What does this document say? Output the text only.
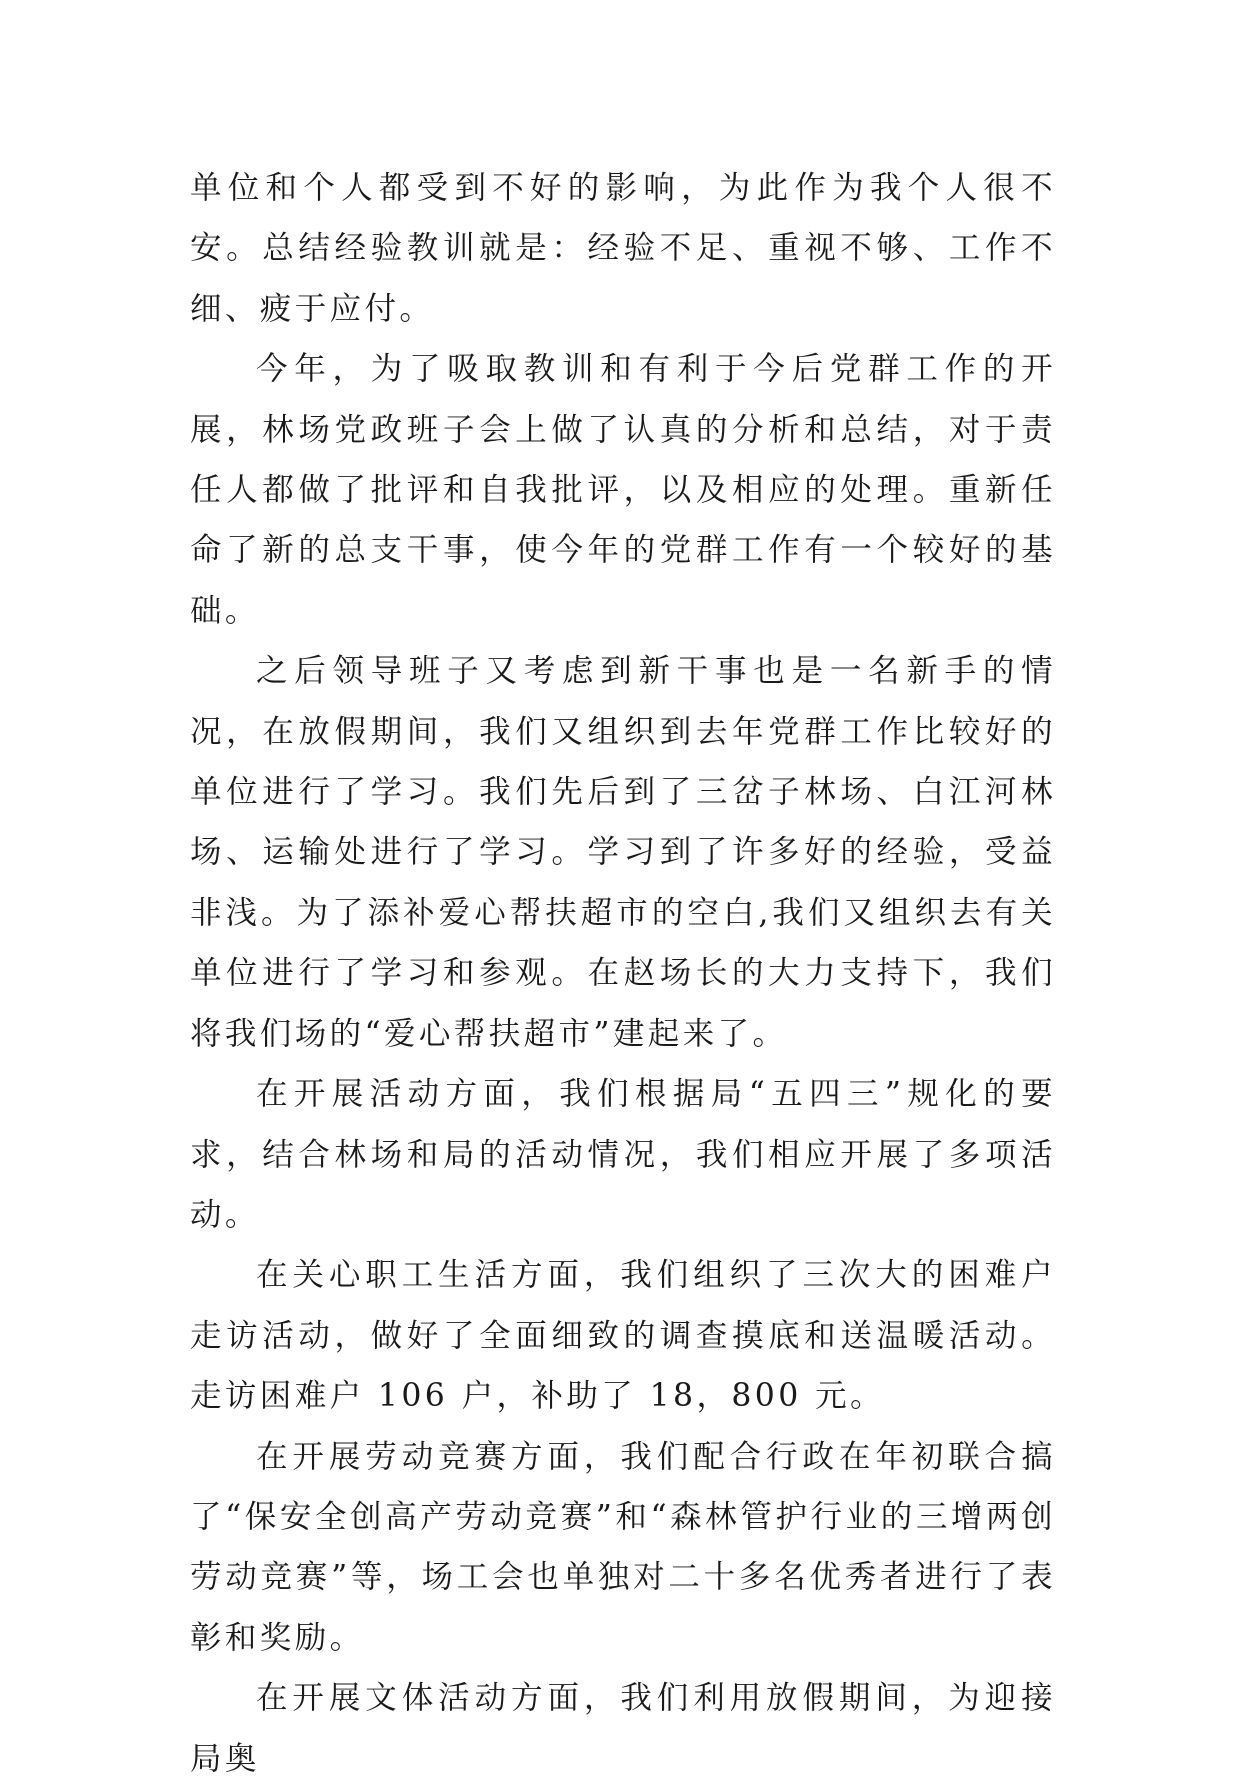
单位和个人都受到不好的影响，为此作为我个人很不安。总结经验教训就是：经验不足、重视不够、工作不细、疲于应付。

今年，为了吸取教训和有利于今后党群工作的开展，林场党政班子会上做了认真的分析和总结，对于责任人都做了批评和自我批评，以及相应的处理。重新任命了新的总支干事，使今年的党群工作有一个较好的基础。

之后领导班子又考虑到新干事也是一名新手的情况，在放假期间，我们又组织到去年党群工作比较好的单位进行了学习。我们先后到了三岔子林场、白江河林场、运输处进行了学习。学习到了许多好的经验，受益非浅。为了添补爱心帮扶超市的空白,我们又组织去有关单位进行了学习和参观。在赵场长的大力支持下，我们将我们场的“爱心帮扶超市”建起来了。

在开展活动方面，我们根据局“五四三”规化的要求，结合林场和局的活动情况，我们相应开展了多项活动。

在关心职工生活方面，我们组织了三次大的困难户走访活动，做好了全面细致的调查摸底和送温暖活动。走访困难户 106 户，补助了 18，800 元。

在开展劳动竞赛方面，我们配合行政在年初联合搞了“保安全创高产劳动竞赛”和“森林管护行业的三增两创劳动竞赛”等，场工会也单独对二十多名优秀者进行了表彰和奖励。

在开展文体活动方面，我们利用放假期间，为迎接局奥
